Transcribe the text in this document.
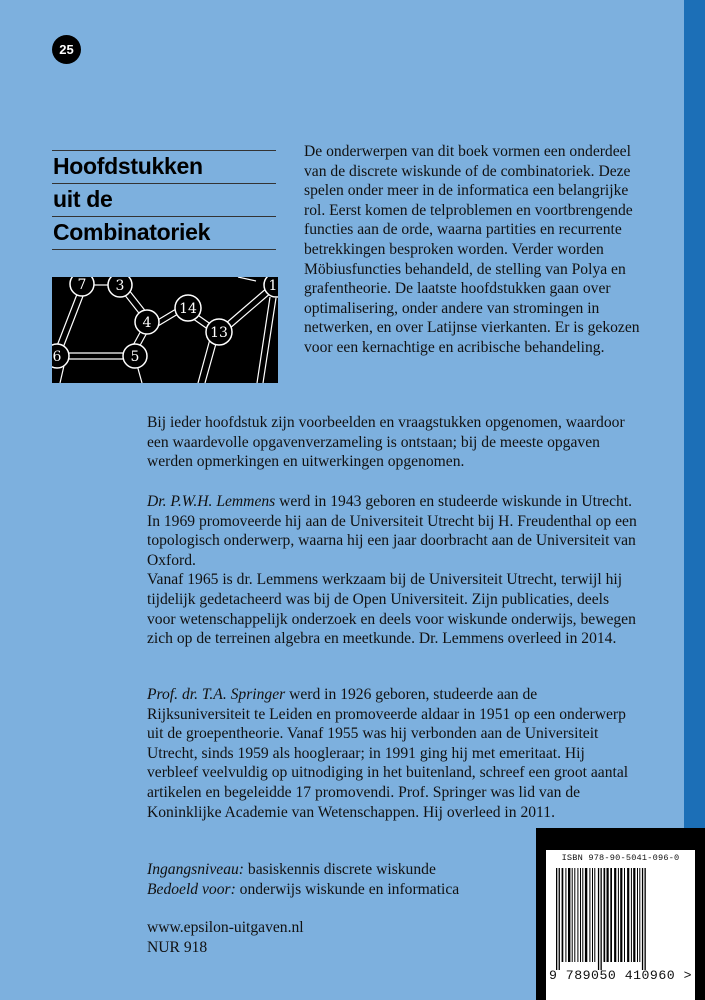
25
Hoofdstukken
uit de
Combinatoriek
7 3
4
14
13
6	5
1

De onderwerpen van dit boek vormen een onderdeel van de discrete wiskunde of de combinatoriek. Deze spelen onder meer in de informatica een belangrijke rol. Eerst komen de telproblemen en voortbrengende functies aan de orde, waarna partities en recurrente betrekkingen besproken worden. Verder worden Möbiusfuncties behandeld, de stelling van Polya en grafentheorie. De laatste hoofdstukken gaan over optimalisering, onder andere van stromingen in netwerken, en over Latijnse vierkanten. Er is gekozen voor een kernachtige en acribische behandeling.

Bij ieder hoofdstuk zijn voorbeelden en vraagstukken opgenomen, waardoor een waardevolle opgavenverzameling is ontstaan; bij de meeste opgaven werden opmerkingen en uitwerkingen opgenomen.

Dr. P.W.H. Lemmens werd in 1943 geboren en studeerde wiskunde in Utrecht. In 1969 promoveerde hij aan de Universiteit Utrecht bij H. Freudenthal op een topologisch onderwerp, waarna hij een jaar doorbracht aan de Universiteit van Oxford.

Vanaf 1965 is dr. Lemmens werkzaam bij de Universiteit Utrecht, terwijl hij tijdelijk gedetacheerd was bij de Open Universiteit. Zijn publicaties, deels voor wetenschappelijk onderzoek en deels voor wiskunde onderwijs, bewegen zich op de terreinen algebra en meetkunde. Dr. Lemmens overleed in 2014.

Prof. dr. T.A. Springer werd in 1926 geboren, studeerde aan de Rijksuniversiteit te Leiden en promoveerde aldaar in 1951 op een onderwerp uit de groepentheorie. Vanaf 1955 was hij verbonden aan de Universiteit Utrecht, sinds 1959 als hoogleraar; in 1991 ging hij met emeritaat. Hij verbleef veelvuldig op uitnodiging in het buitenland, schreef een groot aantal artikelen en begeleidde 17 promovendi. Prof. Springer was lid van de Koninklijke Academie van Wetenschappen. Hij overleed in 2011.

Ingangsniveau: basiskennis discrete wiskunde

Bedoeld voor: onderwijs wiskunde en informatica

www.epsilon-uitgaven.nl

NUR 918

ISBN 978-90-5041-096-0
9 789050 410960 >
